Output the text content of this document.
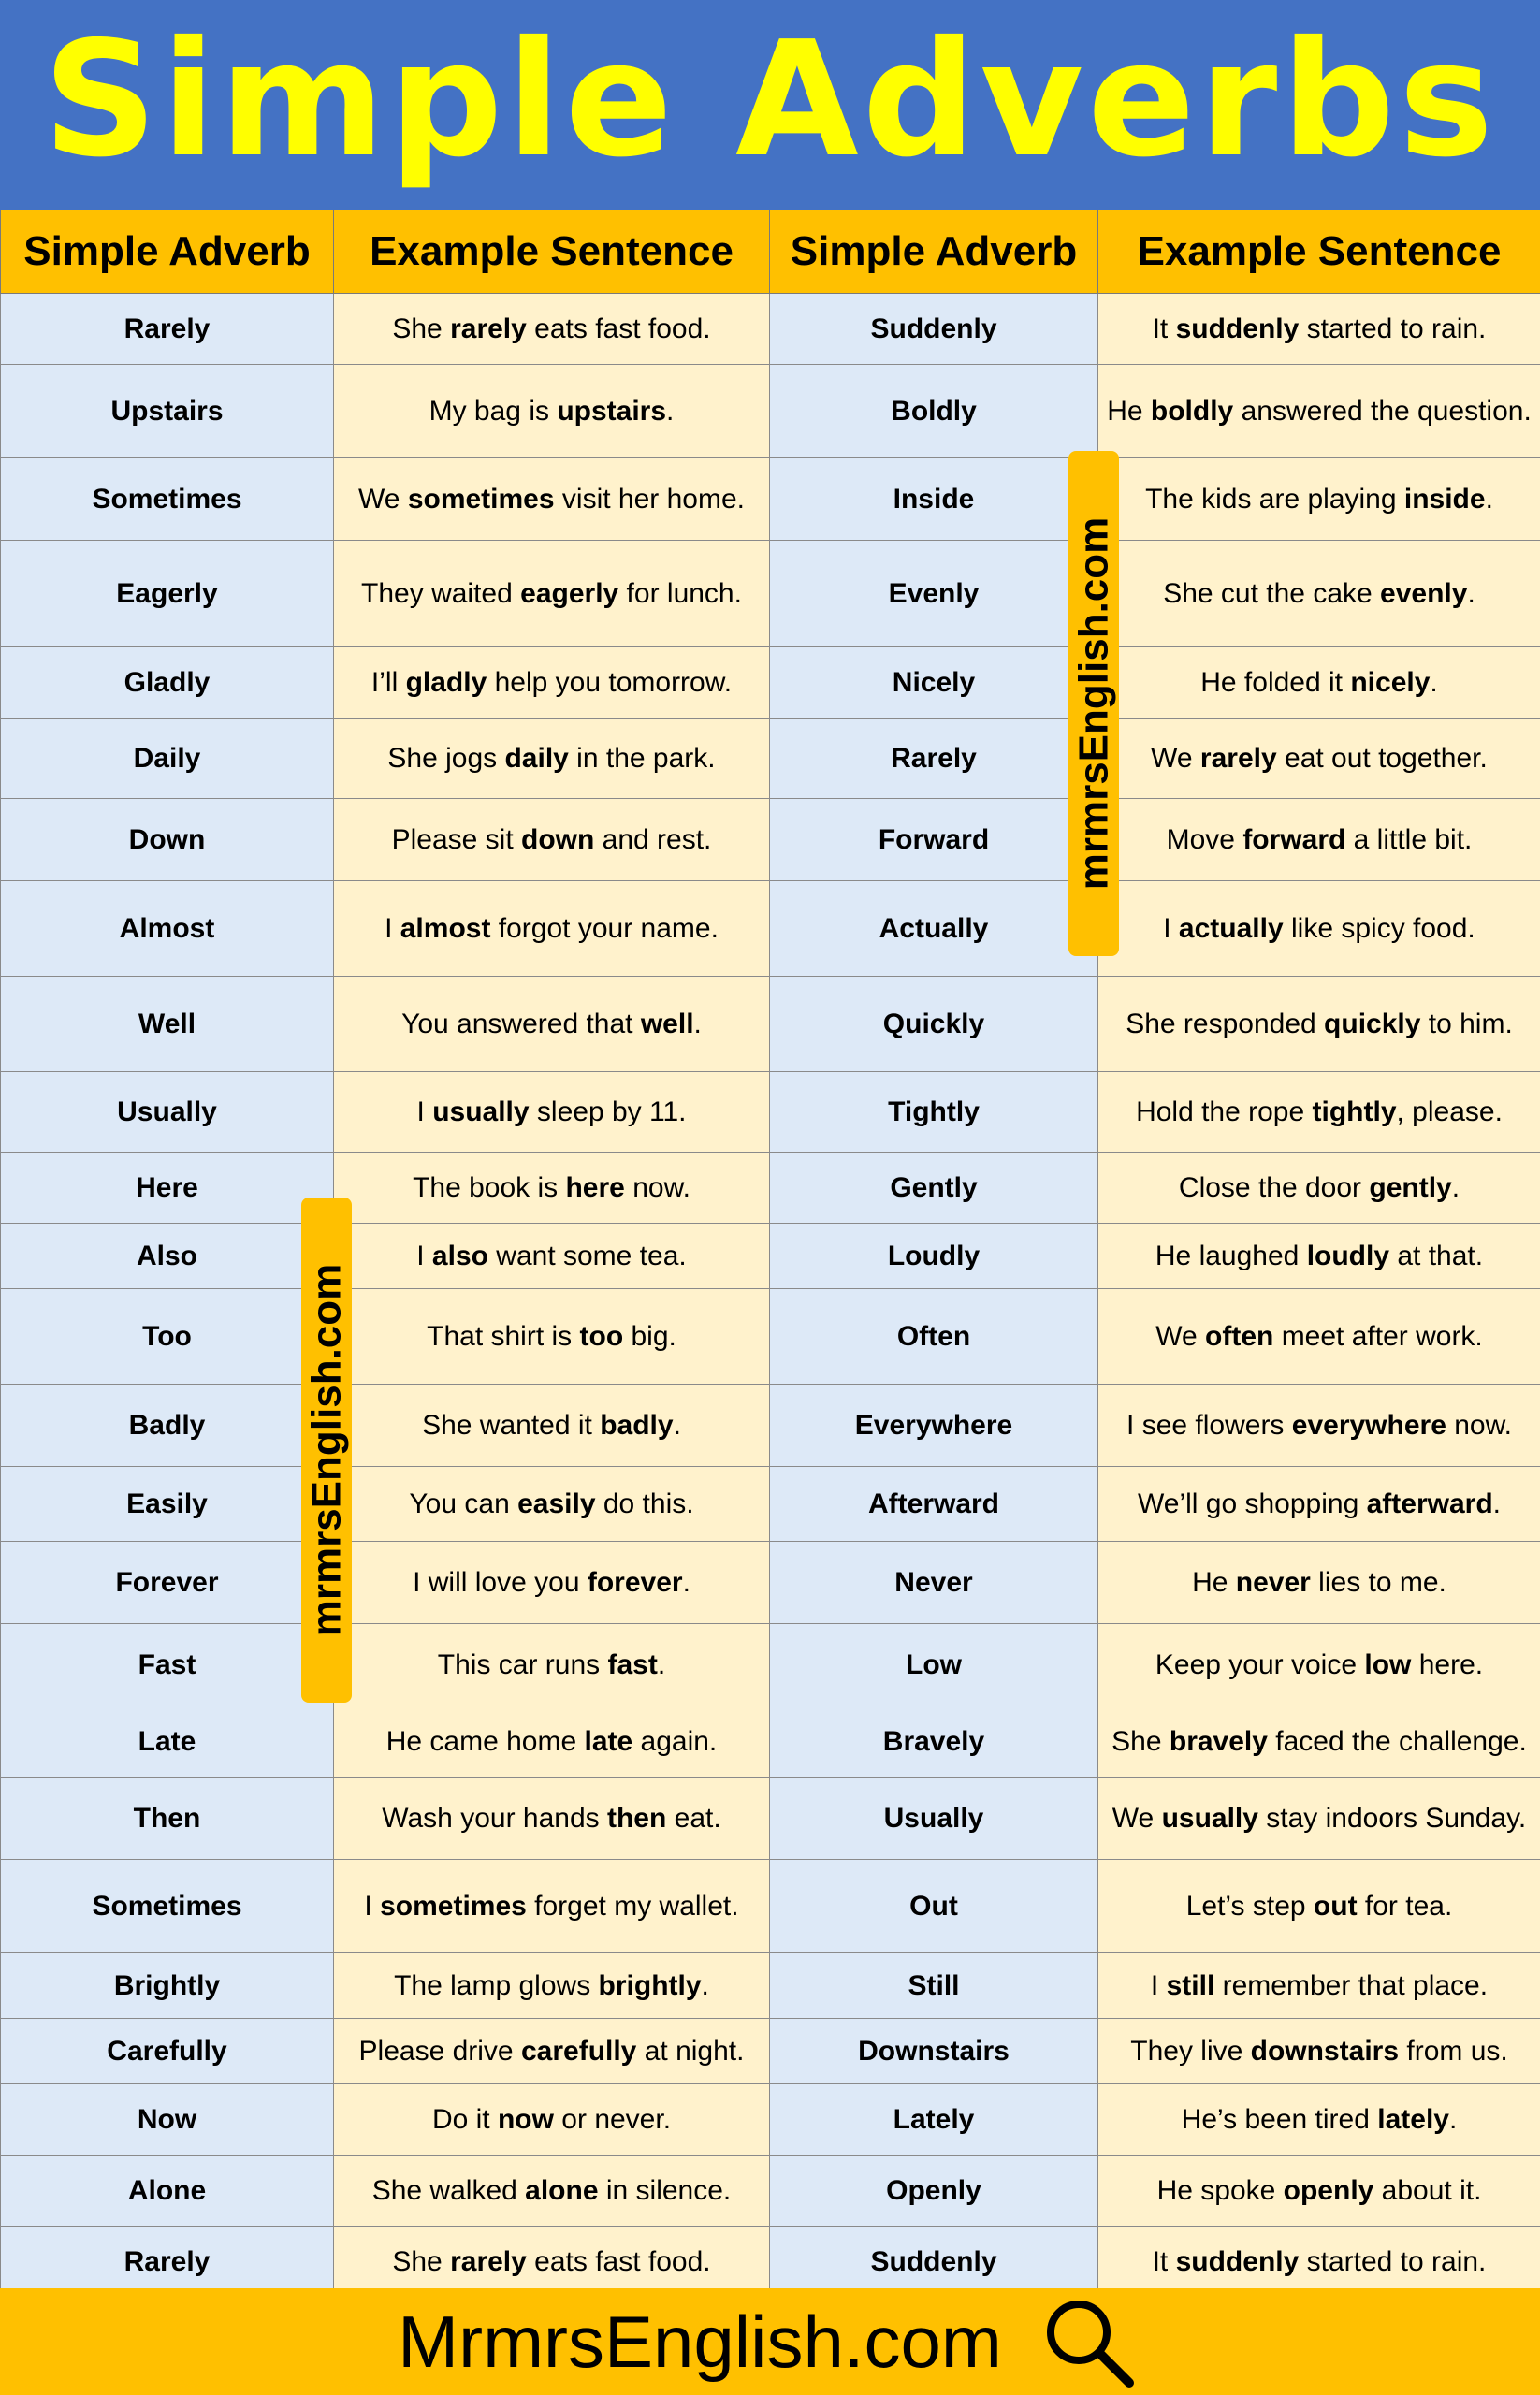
Simple Adverbs
Simple Adverb	Example Sentence	Simple Adverb	Example Sentence
Rarely	She rarely eats fast food.	Suddenly	It suddenly started to rain.
Upstairs	My bag is upstairs.	Boldly	He boldly answered the question.
Sometimes	We sometimes visit her home.	Inside	The kids are playing inside.
Eagerly	They waited eagerly for lunch.	Evenly	She cut the cake evenly.
Gladly	I’ll gladly help you tomorrow.	Nicely	He folded it nicely.
Daily	She jogs daily in the park.	Rarely	We rarely eat out together.
Down	Please sit down and rest.	Forward	Move forward a little bit.
Almost	I almost forgot your name.	Actually	I actually like spicy food.
Well	You answered that well.	Quickly	She responded quickly to him.
Usually	I usually sleep by 11.	Tightly	Hold the rope tightly, please.
Here	The book is here now.	Gently	Close the door gently.
Also	I also want some tea.	Loudly	He laughed loudly at that.
Too	That shirt is too big.	Often	We often meet after work.
Badly	She wanted it badly.	Everywhere	I see flowers everywhere now.
Easily	You can easily do this.	Afterward	We’ll go shopping afterward.
Forever	I will love you forever.	Never	He never lies to me.
Fast	This car runs fast.	Low	Keep your voice low here.
Late	He came home late again.	Bravely	She bravely faced the challenge.
Then	Wash your hands then eat.	Usually	We usually stay indoors Sunday.
Sometimes	I sometimes forget my wallet.	Out	Let’s step out for tea.
Brightly	The lamp glows brightly.	Still	I still remember that place.
Carefully	Please drive carefully at night.	Downstairs	They live downstairs from us.
Now	Do it now or never.	Lately	He’s been tired lately.
Alone	She walked alone in silence.	Openly	He spoke openly about it.
Rarely	She rarely eats fast food.	Suddenly	It suddenly started to rain.
mrmrsEnglish.com
mrmrsEnglish.com
MrmrsEnglish.com
